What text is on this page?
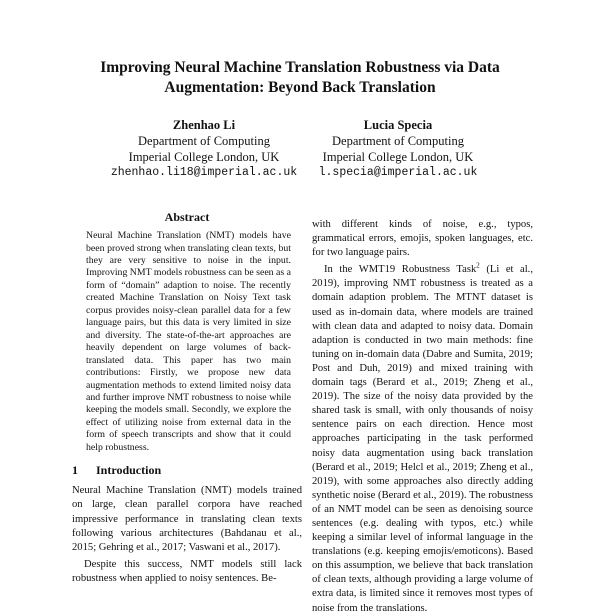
Improving Neural Machine Translation Robustness via Data Augmentation: Beyond Back Translation
Zhenhao Li
Department of Computing
Imperial College London, UK
zhenhao.li18@imperial.ac.uk
Lucia Specia
Department of Computing
Imperial College London, UK
l.specia@imperial.ac.uk
Abstract

Neural Machine Translation (NMT) models have been proved strong when translating clean texts, but they are very sensitive to noise in the input. Improving NMT models robustness can be seen as a form of “domain” adaption to noise. The recently created Machine Translation on Noisy Text task corpus provides noisy-clean parallel data for a few language pairs, but this data is very limited in size and diversity. The state-of-the-art approaches are heavily dependent on large volumes of back-translated data. This paper has two main contributions: Firstly, we propose new data augmentation methods to extend limited noisy data and further improve NMT robustness to noise while keeping the models small. Secondly, we explore the effect of utilizing noise from external data in the form of speech transcripts and show that it could help robustness.

1 Introduction

Neural Machine Translation (NMT) models trained on large, clean parallel corpora have reached impressive performance in translating clean texts following various architectures (Bahdanau et al., 2015; Gehring et al., 2017; Vaswani et al., 2017).

Despite this success, NMT models still lack robustness when applied to noisy sentences. Be-

with different kinds of noise, e.g., typos, grammatical errors, emojis, spoken languages, etc. for two language pairs.

In the WMT19 Robustness Task$^2$ (Li et al., 2019), improving NMT robustness is treated as a domain adaption problem. The MTNT dataset is used as in-domain data, where models are trained with clean data and adapted to noisy data. Domain adaption is conducted in two main methods: fine tuning on in-domain data (Dabre and Sumita, 2019; Post and Duh, 2019) and mixed training with domain tags (Berard et al., 2019; Zheng et al., 2019). The size of the noisy data provided by the shared task is small, with only thousands of noisy sentence pairs on each direction. Hence most approaches participating in the task performed noisy data augmentation using back translation (Berard et al., 2019; Helcl et al., 2019; Zheng et al., 2019), with some approaches also directly adding synthetic noise (Berard et al., 2019). The robustness of an NMT model can be seen as denoising source sentences (e.g. dealing with typos, etc.) while keeping a similar level of informal language in the translations (e.g. keeping emojis/emoticons). Based on this assumption, we believe that back translation of clean texts, although providing a large volume of extra data, is limited since it removes most types of noise from the translations.
